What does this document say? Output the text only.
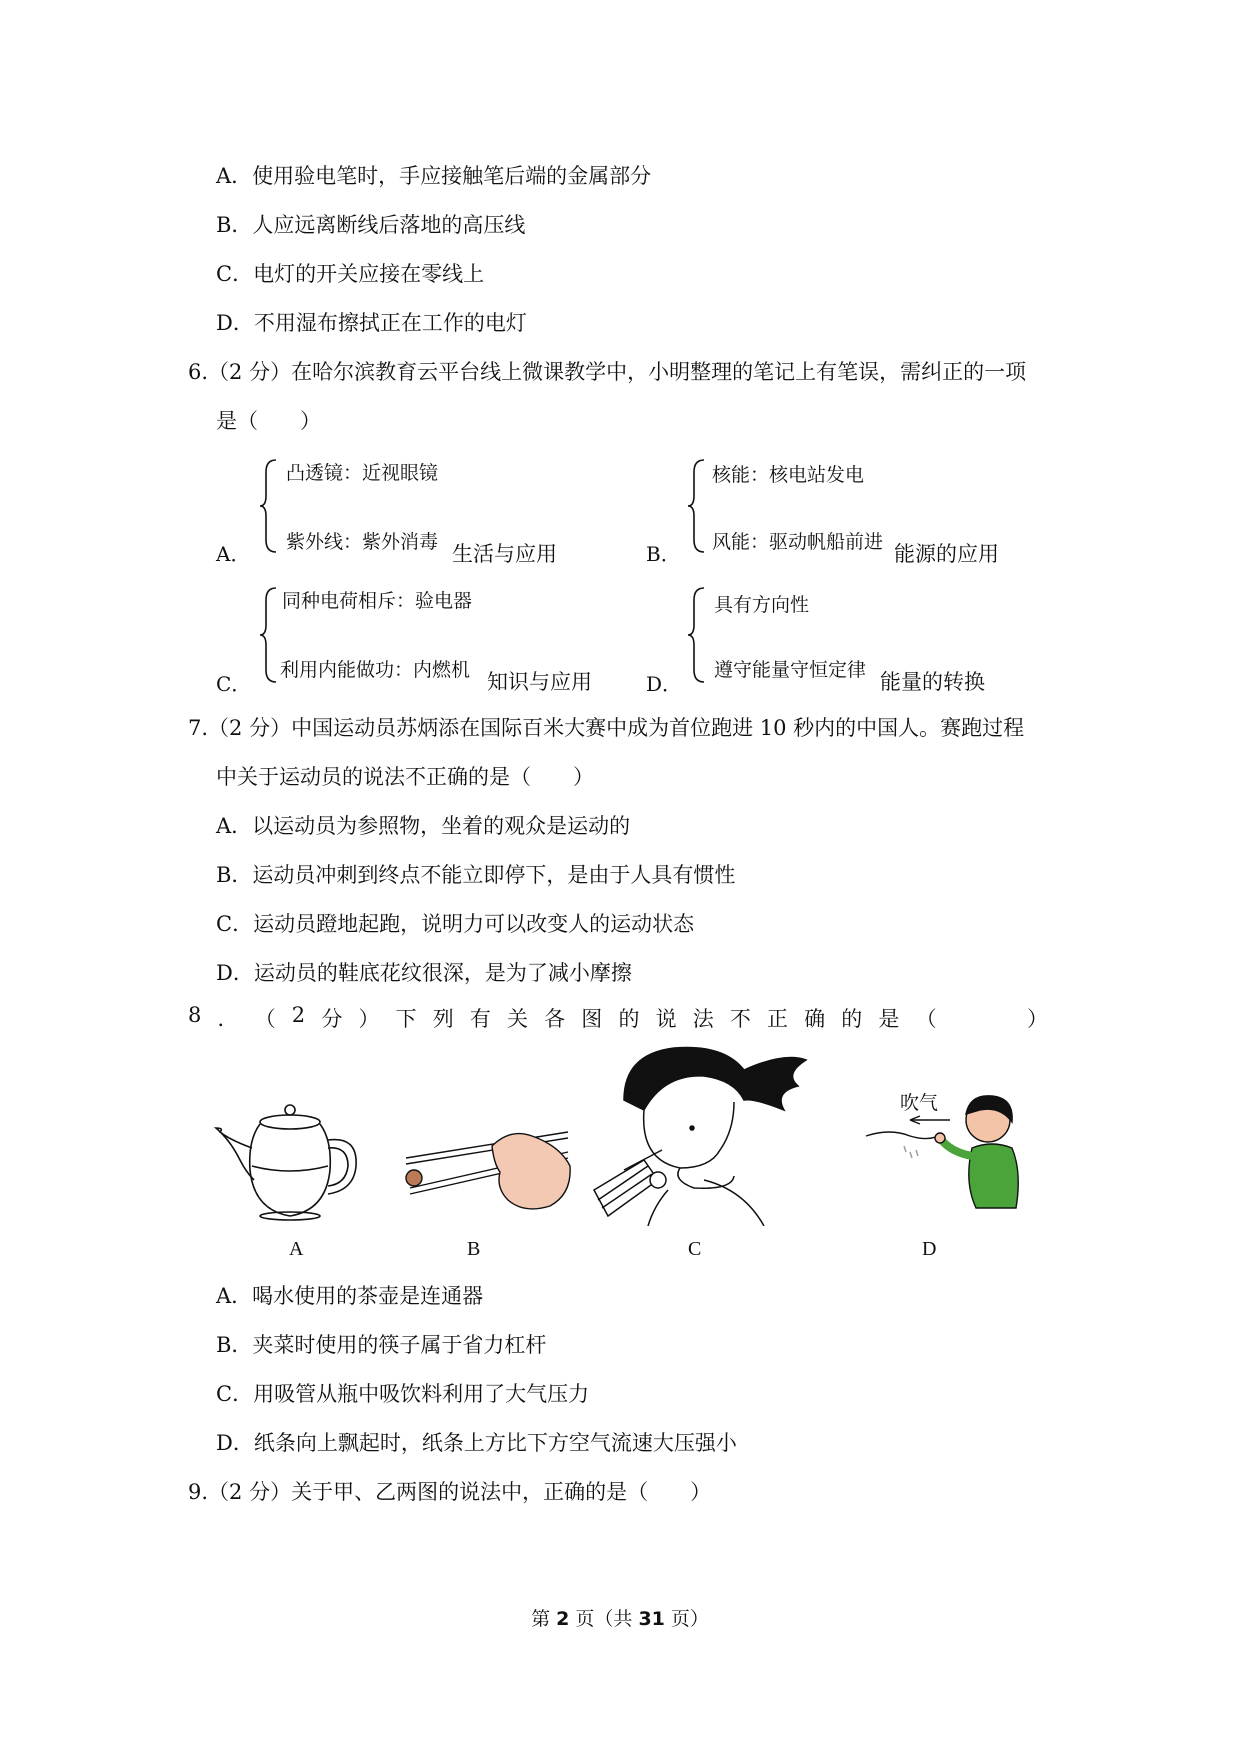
A．使用验电笔时，手应接触笔后端的金属部分
B．人应远离断线后落地的高压线
C．电灯的开关应接在零线上
D．不用湿布擦拭正在工作的电灯
6.（2 分）在哈尔滨教育云平台线上微课教学中，小明整理的笔记上有笔误，需纠正的一项
是（　　）
A．
凸透镜：近视眼镜
紫外线：紫外消毒 生活与应用	B．
核能：核电站发电
风能：驱动帆船前进 能源的应用
C．
同种电荷相斥：验电器
利用内能做功：内燃机 知识与应用	D．
具有方向性
遵守能量守恒定律 能量的转换
7.（2 分）中国运动员苏炳添在国际百米大赛中成为首位跑进 10 秒内的中国人。赛跑过程
中关于运动员的说法不正确的是（　　）
A．以运动员为参照物，坐着的观众是运动的
B．运动员冲刺到终点不能立即停下，是由于人具有惯性
C．运动员蹬地起跑，说明力可以改变人的运动状态
D．运动员的鞋底花纹很深，是为了减小摩擦
8 ． （ 2 分 ） 下 列 有 关 各 图 的 说 法 不 正 确 的 是 （

　	）
A	B	C
吹气
D
A．喝水使用的茶壶是连通器
B．夹菜时使用的筷子属于省力杠杆
C．用吸管从瓶中吸饮料利用了大气压力
D．纸条向上飘起时，纸条上方比下方空气流速大压强小
9.（2 分）关于甲、乙两图的说法中，正确的是（　　）
第 2 页（共 31 页）
